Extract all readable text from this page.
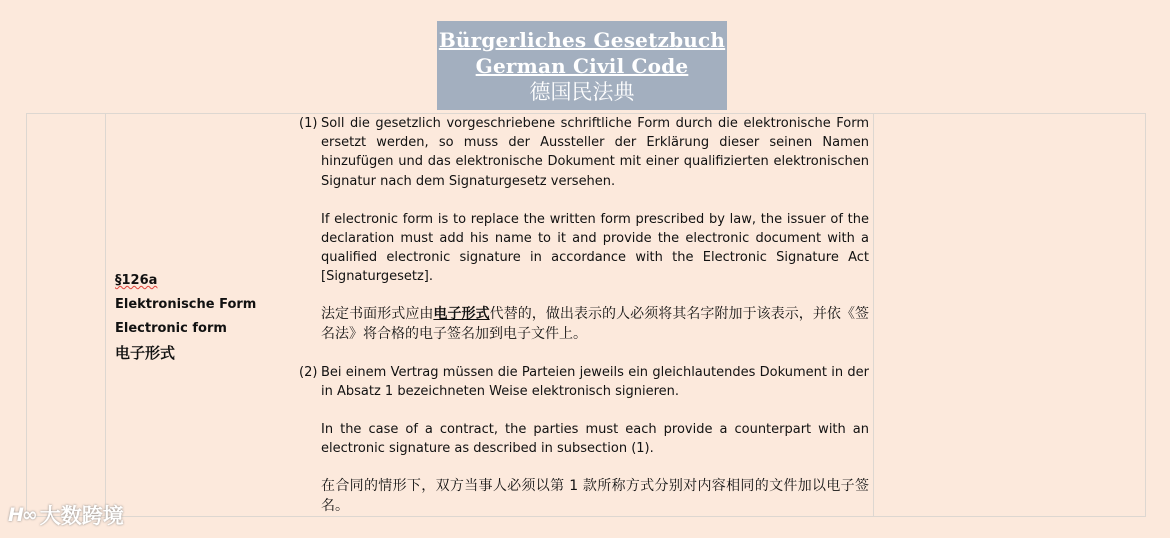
Bürgerliches Gesetzbuch
German Civil Code
德国民法典
§126a
Elektronische Form
Electronic form
电子形式
(1) Soll die gesetzlich vorgeschriebene schriftliche Form durch die elektronische Form ersetzt werden, so muss der Aussteller der Erklärung dieser seinen Namen hinzufügen und das elektronische Dokument mit einer qualifizierten elektronischen Signatur nach dem Signaturgesetz versehen.

If electronic form is to replace the written form prescribed by law, the issuer of the declaration must add his name to it and provide the electronic document with a qualified electronic signature in accordance with the Electronic Signature Act [Signaturgesetz].

法定书面形式应由电子形式代替的，做出表示的人必须将其名字附加于该表示，并依《签名法》将合格的电子签名加到电子文件上。

(2) Bei einem Vertrag müssen die Parteien jeweils ein gleichlautendes Dokument in der in Absatz 1 bezeichneten Weise elektronisch signieren.

In the case of a contract, the parties must each provide a counterpart with an electronic signature as described in subsection (1).

在合同的情形下，双方当事人必须以第 1 款所称方式分别对内容相同的文件加以电子签名。

ᕼ∞ 大数跨境
